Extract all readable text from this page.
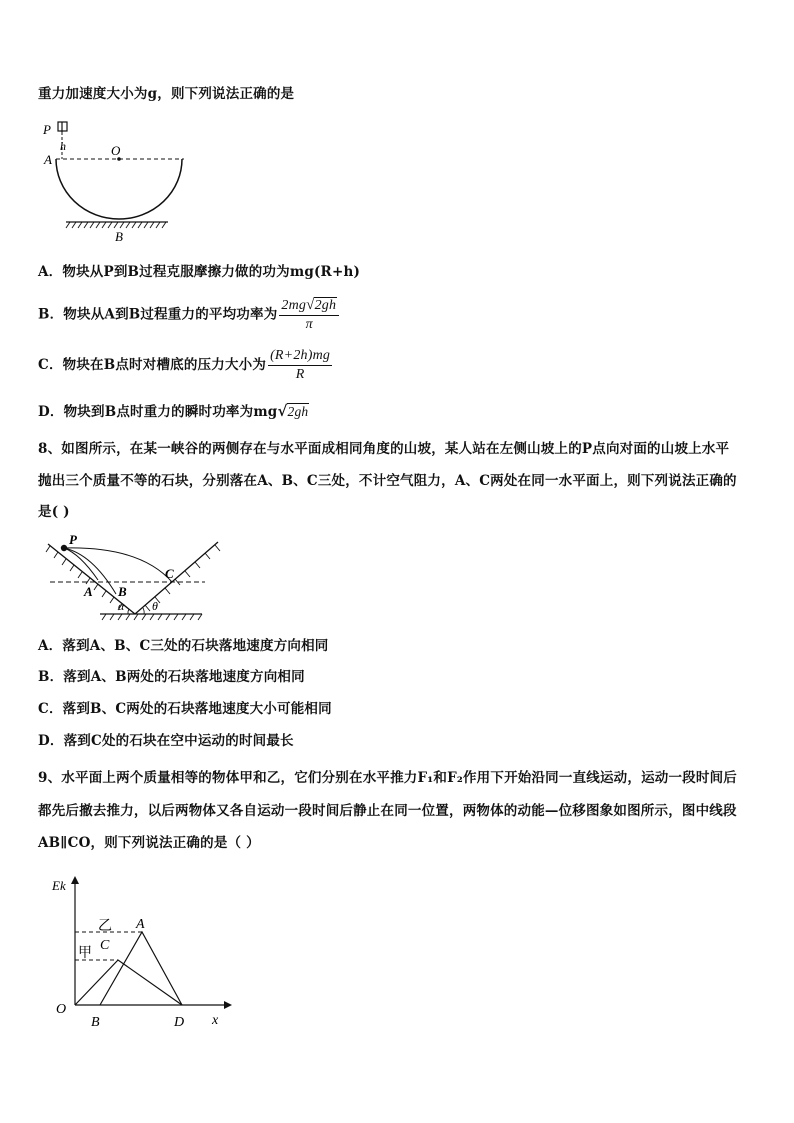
重力加速度大小为g，则下列说法正确的是
P
h	O
A
B
A．物块从P到B过程克服摩擦力做的功为mg(R+h)
B．物块从A到B过程重力的平均功率为 $\frac{2mg√2gh}{\pi}$
C．物块在B点时对槽底的压力大小为 $\frac{(R+2h)mg}{R}$
D．物块到B点时重力的瞬时功率为mg√2gh
8、如图所示，在某一峡谷的两侧存在与水平面成相同角度的山坡，某人站在左侧山坡上的P点向对面的山坡上水平
抛出三个质量不等的石块，分别落在A、B、C三处，不计空气阻力，A、C两处在同一水平面上，则下列说法正确的
是( )
P
A B
C
α θ
A．落到A、B、C三处的石块落地速度方向相同
B．落到A、B两处的石块落地速度方向相同
C．落到B、C两处的石块落地速度大小可能相同
D．落到C处的石块在空中运动的时间最长
9、水平面上两个质量相等的物体甲和乙，它们分别在水平推力F₁和F₂作用下开始沿同一直线运动，运动一段时间后
都先后撤去推力，以后两物体又各自运动一段时间后静止在同一位置，两物体的动能—位移图象如图所示，图中线段
AB∥CO，则下列说法正确的是（ ）
Ek
乙 A
甲
C
O
B	D x
